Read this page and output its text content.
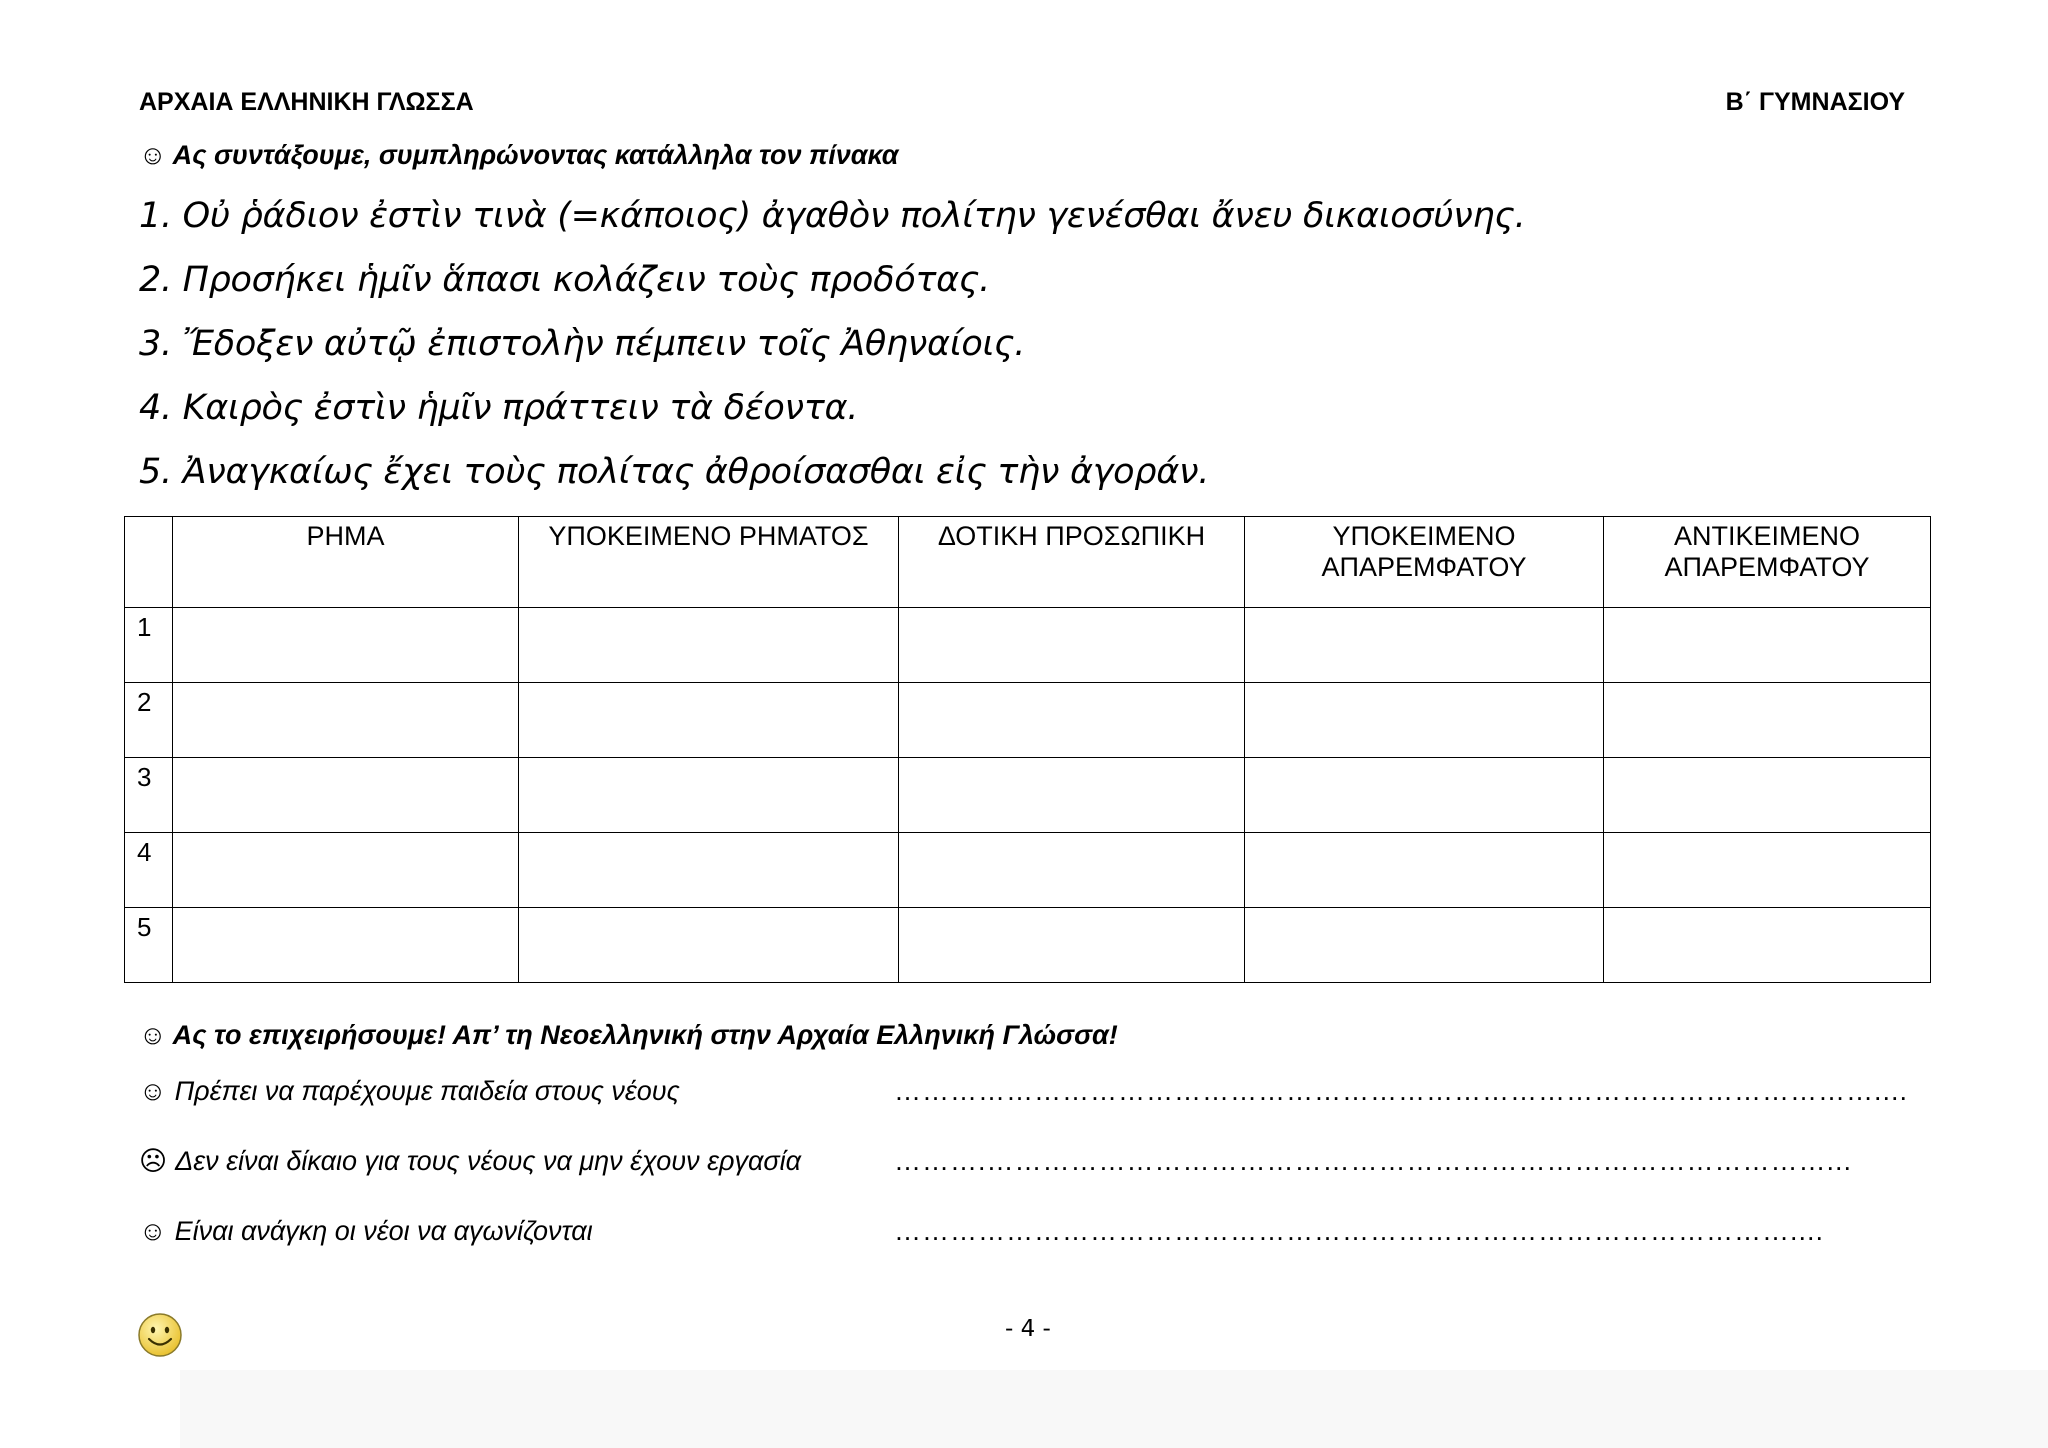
ΑΡΧΑΙΑ ΕΛΛΗΝΙΚΗ ΓΛΩΣΣΑ	Β΄ ΓΥΜΝΑΣΙΟΥ
☺ Ας συντάξουμε, συμπληρώνοντας κατάλληλα τον πίνακα
1. Οὐ ῥάδιον ἐστὶν τινὰ (=κάποιος) ἀγαθὸν πολίτην γενέσθαι ἄνευ δικαιοσύνης.
2. Προσήκει ἡμῖν ἅπασι κολάζειν τοὺς προδότας.
3. Ἔδοξεν αὐτῷ ἐπιστολὴν πέμπειν τοῖς Ἀθηναίοις.
4. Καιρὸς ἐστὶν ἡμῖν πράττειν τὰ δέοντα.
5. Ἀναγκαίως ἔχει τοὺς πολίτας ἀθροίσασθαι εἰς τὴν ἀγοράν.
	ΡΗΜΑ	ΥΠΟΚΕΙΜΕΝΟ ΡΗΜΑΤΟΣ	ΔΟΤΙΚΗ ΠΡΟΣΩΠΙΚΗ	ΥΠΟΚΕΙΜΕΝΟ ΑΠΑΡΕΜΦΑΤΟΥ	ΑΝΤΙΚΕΙΜΕΝΟ ΑΠΑΡΕΜΦΑΤΟΥ
1					
2					
3					
4					
5					
☺ Ας το επιχειρήσουμε! Απ’ τη Νεοελληνική στην Αρχαία Ελληνική Γλώσσα!
☺ Πρέπει να παρέχουμε παιδεία στους νέους	……………………………………………………………………………………………....
☹ Δεν είναι δίκαιο για τους νέους να μην έχουν εργασία	……….………………………………………………………………………………...
☺ Είναι ανάγκη οι νέοι να αγωνίζονται	……………………………………………………………………………………....
- 4 -
